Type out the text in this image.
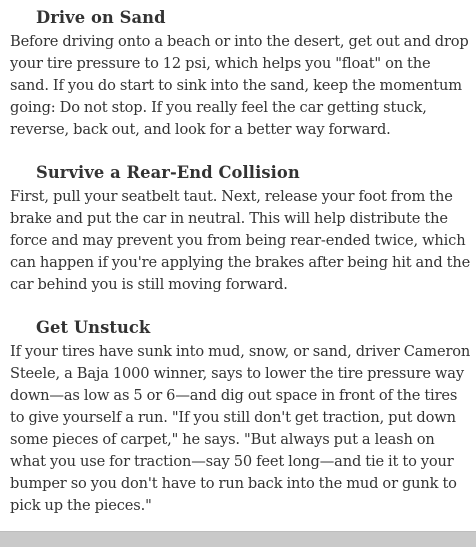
Drive on Sand

Before driving onto a beach or into the desert, get out and drop your tire pressure to 12 psi, which helps you "float" on the sand. If you do start to sink into the sand, keep the momentum going: Do not stop. If you really feel the car getting stuck, reverse, back out, and look for a better way forward.

Survive a Rear-End Collision

First, pull your seatbelt taut. Next, release your foot from the brake and put the car in neutral. This will help distribute the force and may prevent you from being rear-ended twice, which can happen if you're applying the brakes after being hit and the car behind you is still moving forward.

Get Unstuck

If your tires have sunk into mud, snow, or sand, driver Cameron Steele, a Baja 1000 winner, says to lower the tire pressure way down—as low as 5 or 6—and dig out space in front of the tires to give yourself a run. "If you still don't get traction, put down some pieces of carpet," he says. "But always put a leash on what you use for traction—say 50 feet long—and tie it to your bumper so you don't have to run back into the mud or gunk to pick up the pieces."
